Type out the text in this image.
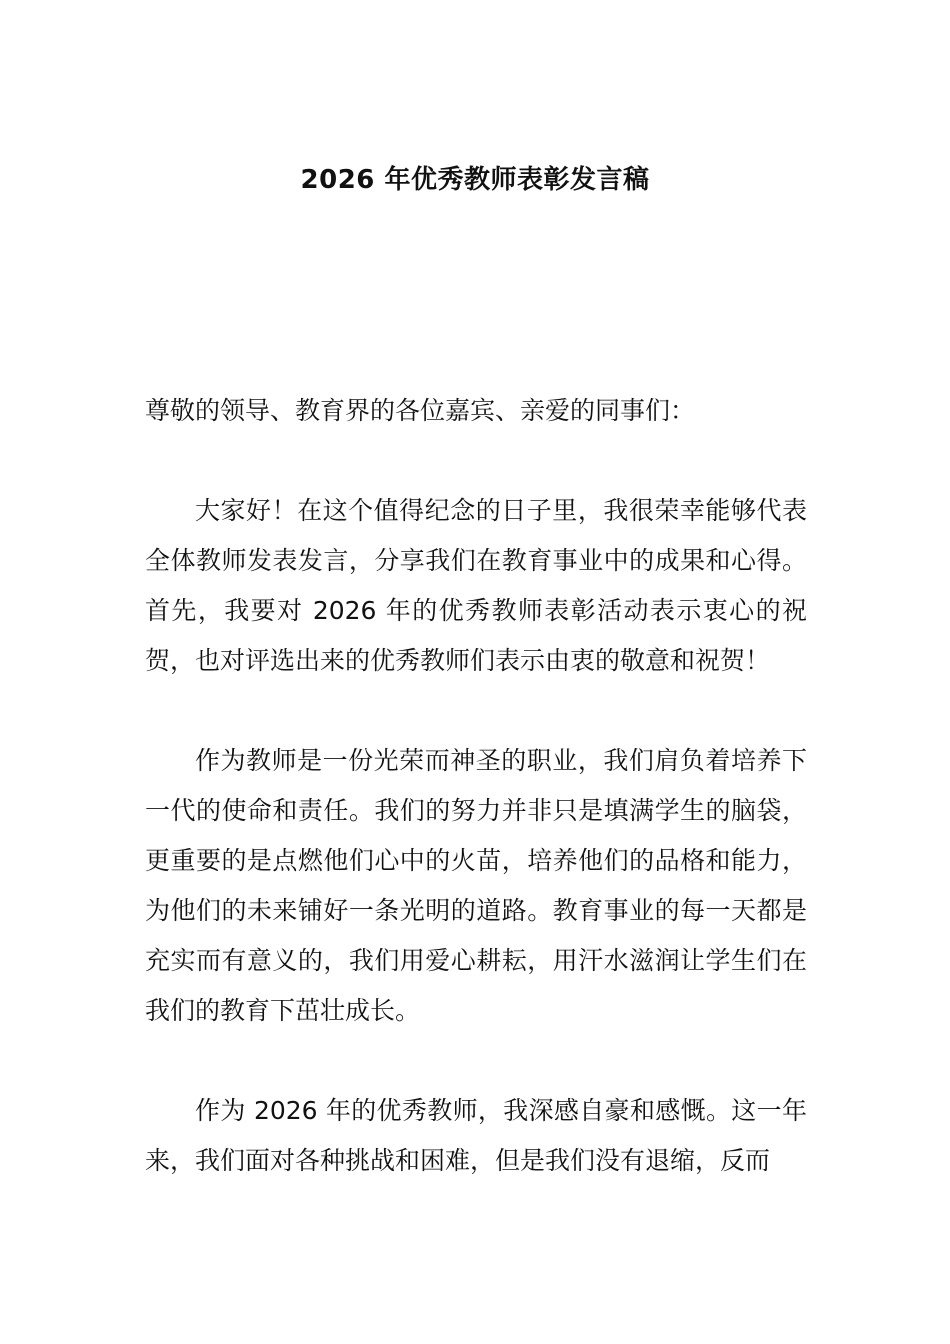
2026 年优秀教师表彰发言稿

尊敬的领导、教育界的各位嘉宾、亲爱的同事们：

大家好！在这个值得纪念的日子里，我很荣幸能够代表全体教师发表发言，分享我们在教育事业中的成果和心得。首先，我要对 2026 年的优秀教师表彰活动表示衷心的祝贺，也对评选出来的优秀教师们表示由衷的敬意和祝贺！

作为教师是一份光荣而神圣的职业，我们肩负着培养下一代的使命和责任。我们的努力并非只是填满学生的脑袋，更重要的是点燃他们心中的火苗，培养他们的品格和能力，为他们的未来铺好一条光明的道路。教育事业的每一天都是充实而有意义的，我们用爱心耕耘，用汗水滋润让学生们在我们的教育下茁壮成长。

作为 2026 年的优秀教师，我深感自豪和感慨。这一年来，我们面对各种挑战和困难，但是我们没有退缩，反而
